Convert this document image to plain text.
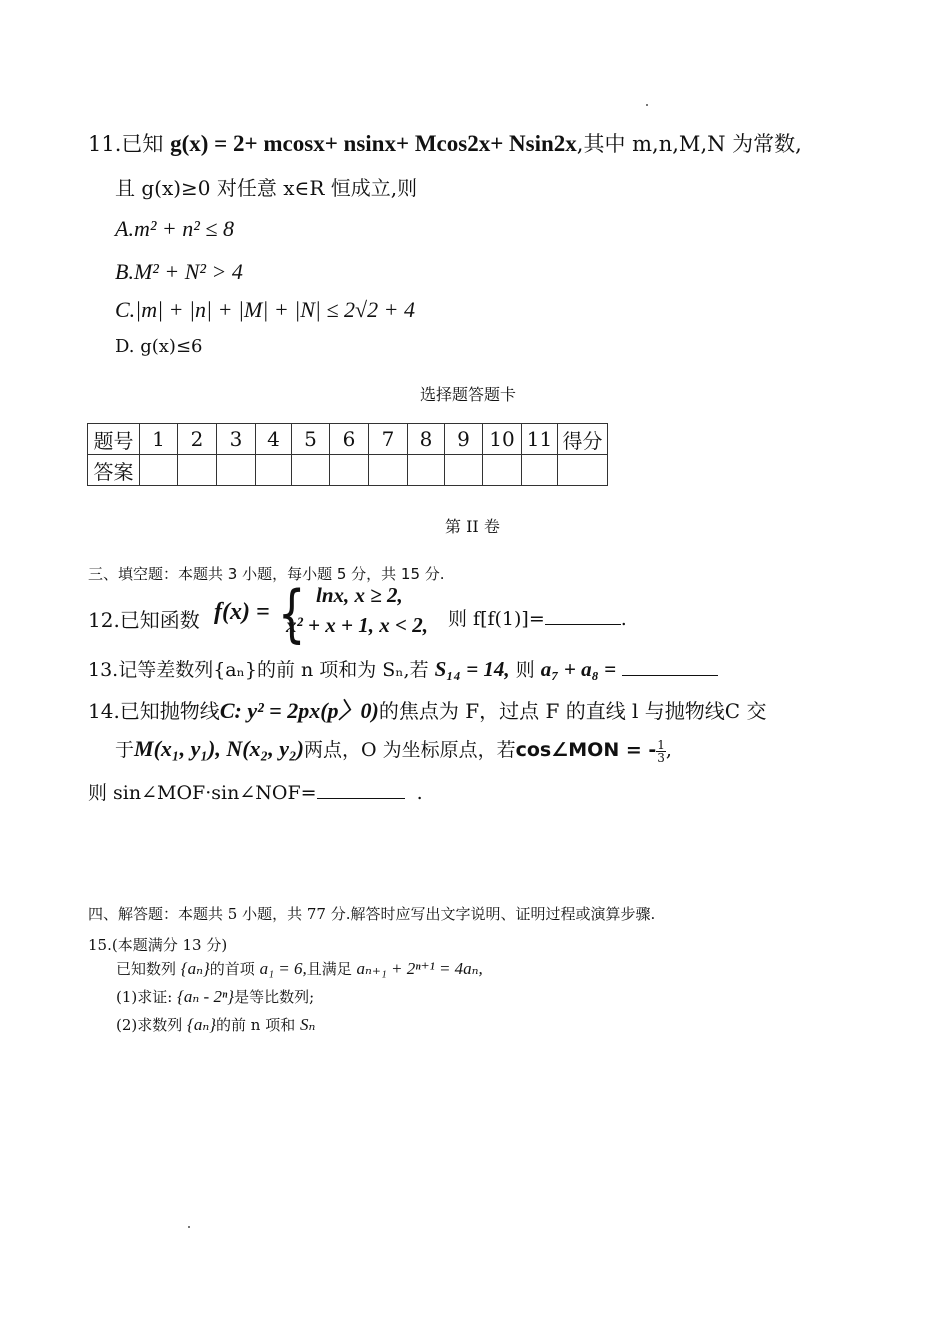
11.已知 g(x) = 2+ mcosx+ nsinx+ Mcos2x+ Nsin2x,其中 m,n,M,N 为常数,
且 g(x)≥0 对任意 x∈R 恒成立,则
A.m² + n² ≤ 8
B.M² + N² > 4
C.|m| + |n| + |M| + |N| ≤ 2√2 + 4
D. g(x)≤6
选择题答题卡
题号	1	2	3	4	5	6	7	8	9	10	11	得分
答案												
第 II 卷
三、填空题：本题共 3 小题，每小题 5 分，共 15 分.
12.已知函数 f(x) = { lnx, x ≥ 2,
x² + x + 1, x < 2, 则 f[f(1)]=	.
13.记等差数列{aₙ}的前 n 项和为 Sₙ,若 S₁₄ = 14, 则 a₇ + a₈ =
14.已知抛物线C: y² = 2px(p〉0)的焦点为 F，过点 F 的直线 l 与抛物线C 交
于M(x₁, y₁), N(x₂, y₂)两点，O 为坐标原点，若cos∠MON = - $\frac{1}{3}$ ,
则 sin∠MOF·sin∠NOF=	.
四、解答题：本题共 5 小题，共 77 分.解答时应写出文字说明、证明过程或演算步骤.
15.(本题满分 13 分)
已知数列 {aₙ}的首项 a₁ = 6,且满足 aₙ₊₁ + 2ⁿ⁺¹ = 4aₙ,
(1)求证: {aₙ - 2ⁿ}是等比数列;
(2)求数列 {aₙ}的前 n 项和 Sₙ
